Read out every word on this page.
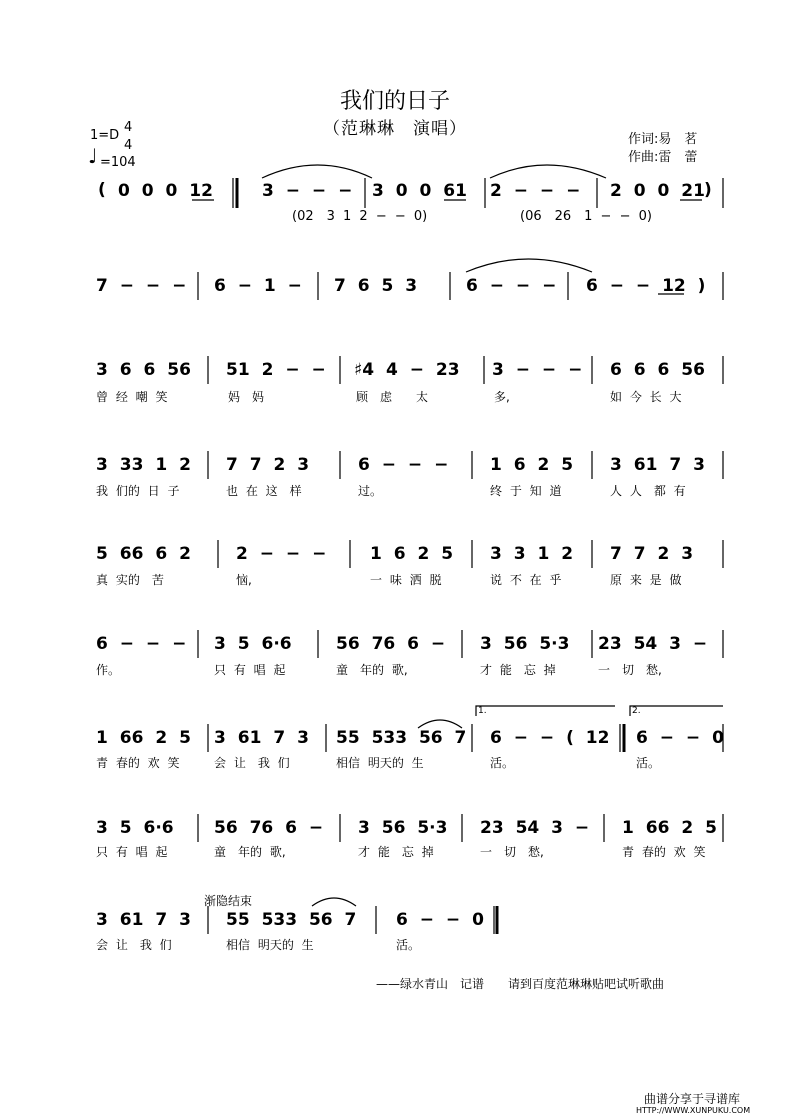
我们的日子
（范琳琳　演唱）
1=D
4
4
♩ =104
作词:易　茗
作曲:雷　蕾
( 0 0 0 12	3 − − − 3 0 0 61 2 − − − 2 0 0 21 )
(02　3 1 2 − − 0)	(06　26　1 − − 0)
7 − − − 6 − 1 − 7 6 5 3	6 − − − 6 − − 12 )
3 6 6 56 51 2 − − ♯4 4 − 23 3 − − − 6 6 6 56
曾 经 嘲 笑	妈　妈	顾　虑　　太	多,	如 今 长 大
3 33 1 2 7 7 2 3	6 − − − 1 6 2 5 3 61 7 3
我 们的 日 子	也 在 这　样	过。	终 于 知 道	人 人　都 有
5 66 6 2	2 − − −	1 6 2 5 3 3 1 2 7 7 2 3
真 实的　苦	恼,	一 味 洒 脱	说 不 在 乎	原 来 是 做
6 − − − 3 5 6·6	56 76 6 − 3 56 5·3 23 54 3 −
作。	只 有 唱 起	童　年的 歌,	才 能　忘 掉	一　切　愁,
1.	2.
1 66 2 5 3 61 7 3 55 533 56 7 6 − − ( 12 6 − − 0
青 春的 欢 笑	会 让　我 们	相信 明天的 生	活。	活。
3 5 6·6 56 76 6 − 3 56 5·3 23 54 3 − 1 66 2 5
只 有 唱 起	童　年的 歌,	才 能　忘 掉	一　切　愁,	青 春的 欢 笑
渐隐结束
3 61 7 3 55 533 56 7 6 − − 0
会 让　我 们	相信 明天的 生	活。
——绿水青山　记谱　　请到百度范琳琳贴吧试听歌曲
曲谱分享于寻谱库
HTTP://WWW.XUNPUKU.COM
